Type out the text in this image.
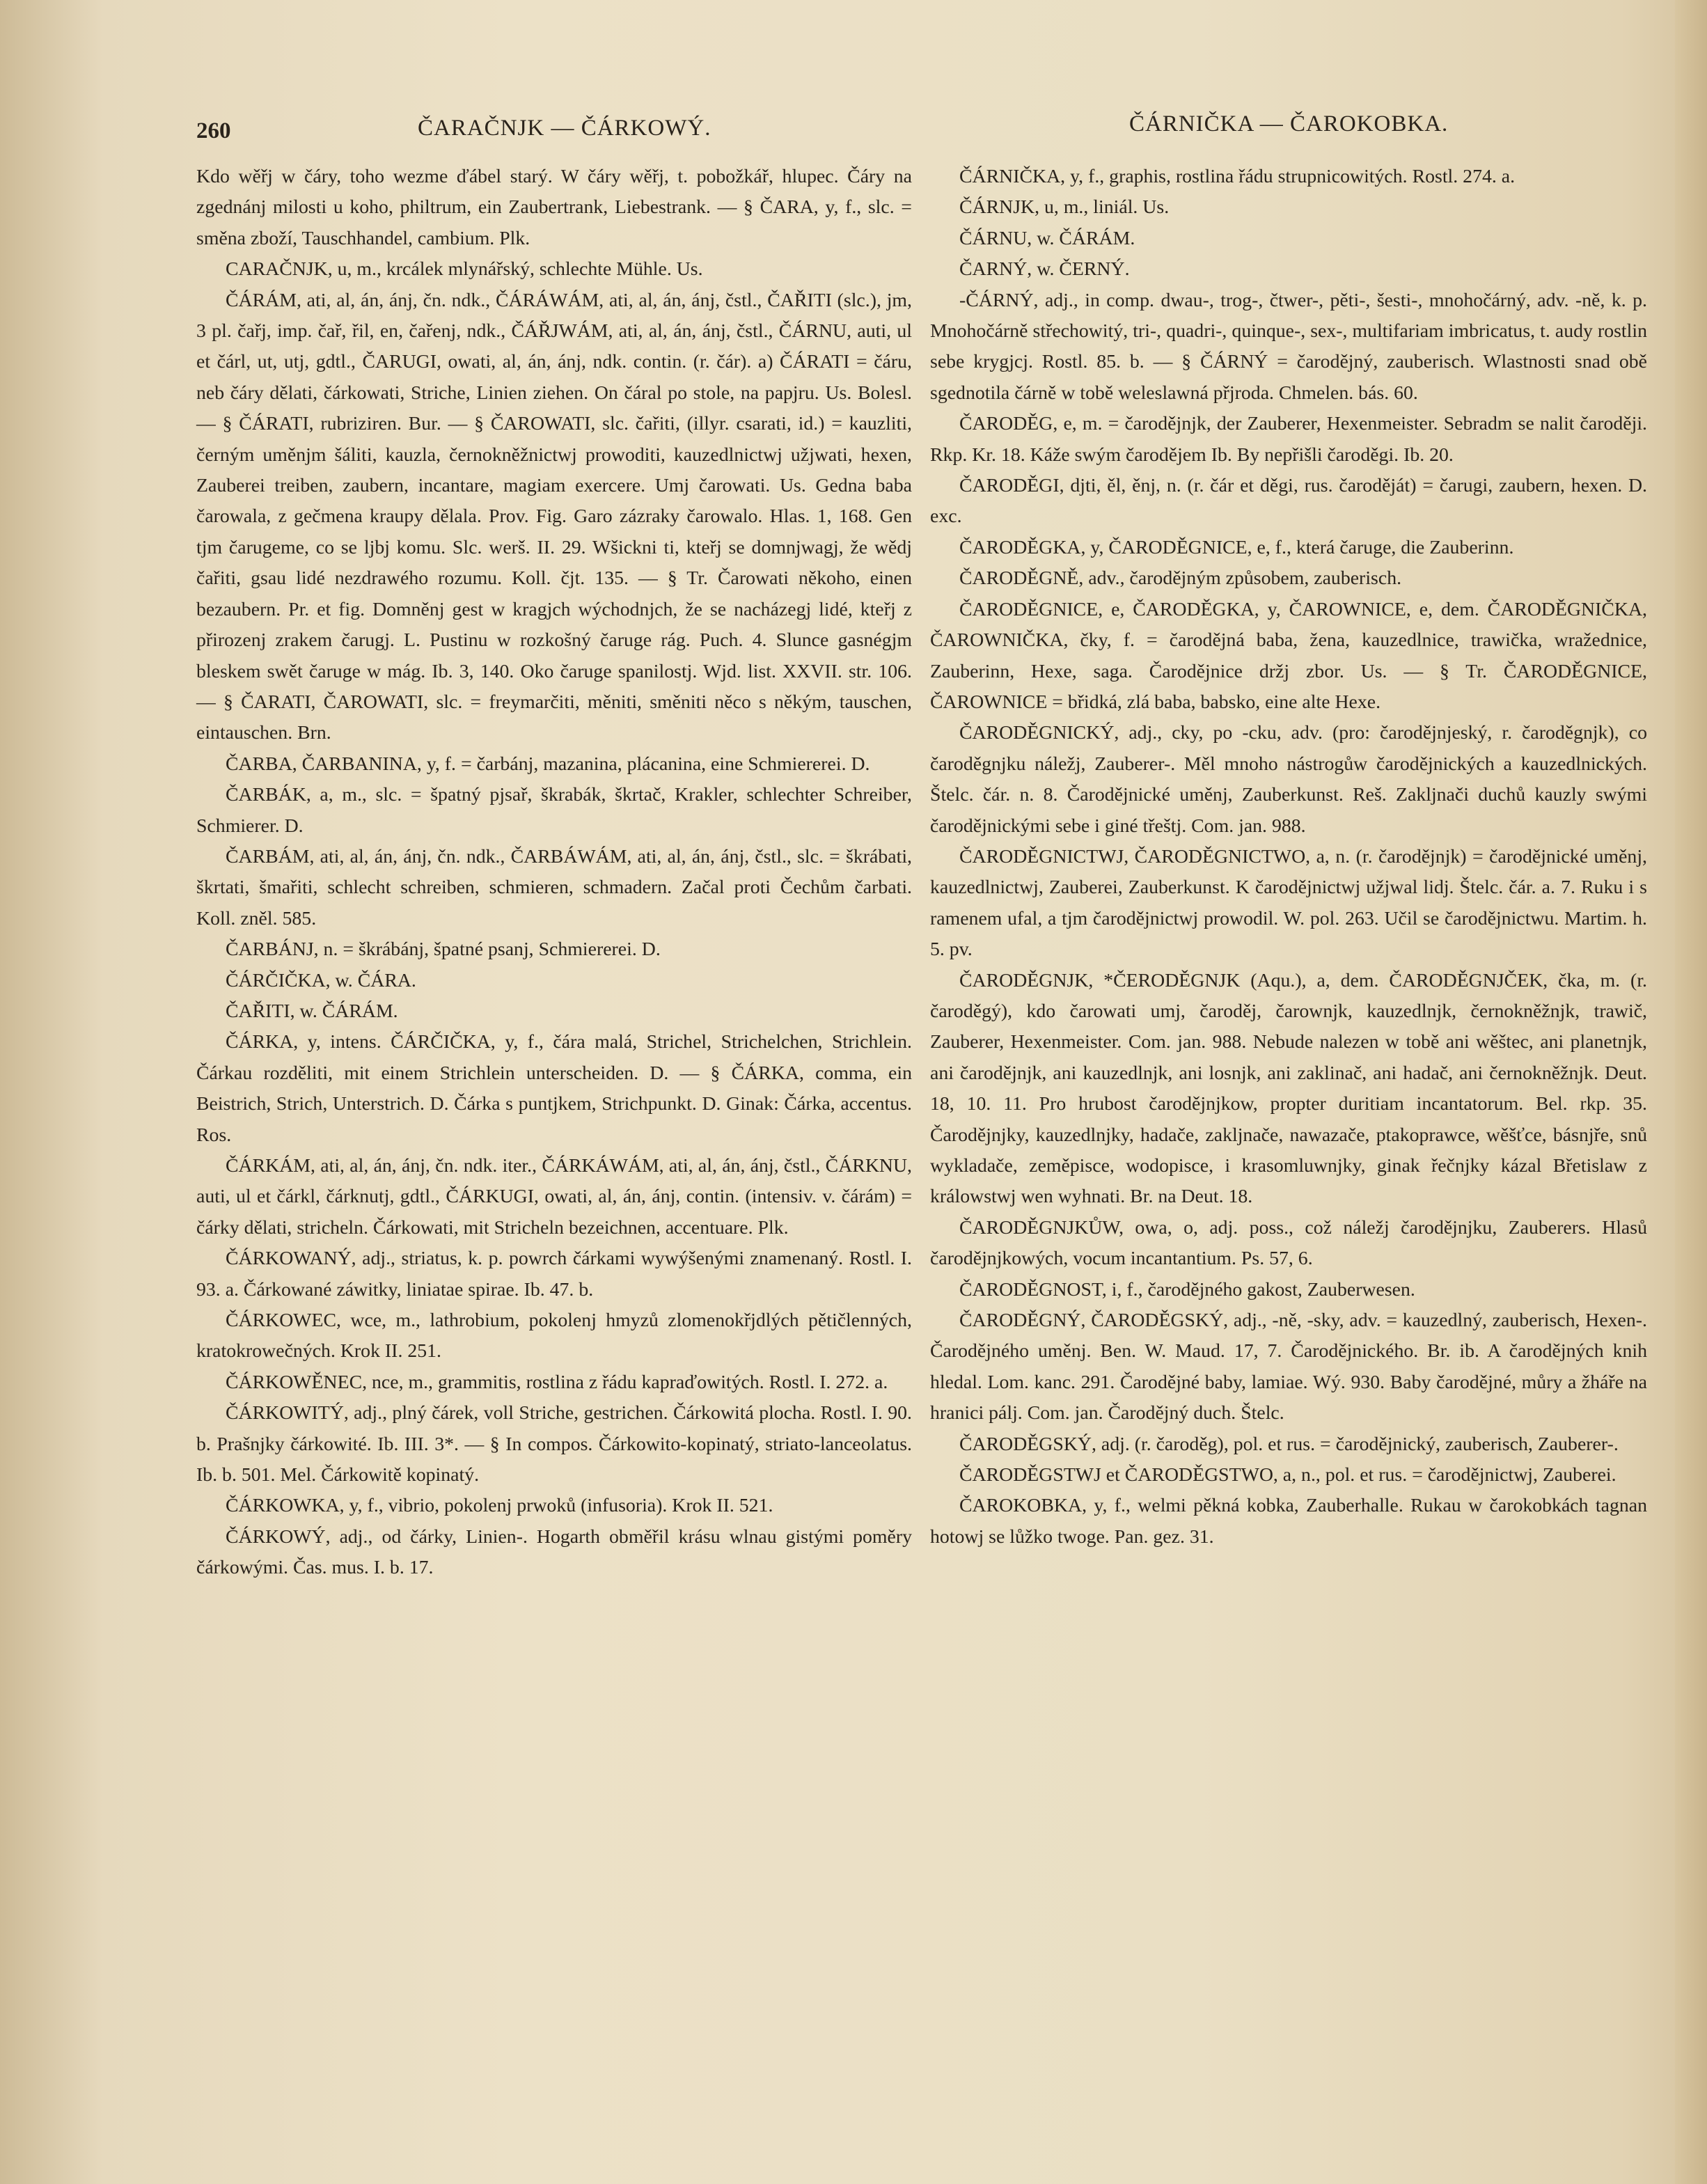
260	ČARAČNJK — ČÁRKOWÝ.	ČÁRNIČKA — ČAROKOBKA.

Kdo wěřj w čáry, toho wezme ďábel starý. W čáry wěřj, t. pobožkář, hlupec. Čáry na zgednánj milosti u koho, philtrum, ein Zaubertrank, Liebestrank. — § ČARA, y, f., slc. = směna zboží, Tauschhandel, cambium. Plk.

CARAČNJK, u, m., krcálek mlynářský, schlechte Mühle. Us.

ČÁRÁM, ati, al, án, ánj, čn. ndk., ČÁRÁWÁM, ati, al, án, ánj, čstl., ČAŘITI (slc.), jm, 3 pl. čařj, imp. čař, řil, en, čařenj, ndk., ČÁŘJWÁM, ati, al, án, ánj, čstl., ČÁRNU, auti, ul et čárl, ut, utj, gdtl., ČARUGI, owati, al, án, ánj, ndk. contin. (r. čár). a) ČÁRATI = čáru, neb čáry dělati, čárkowati, Striche, Linien ziehen. On čáral po stole, na papjru. Us. Bolesl. — § ČÁRATI, rubriziren. Bur. — § ČAROWATI, slc. čařiti, (illyr. csarati, id.) = kauzliti, černým uměnjm šáliti, kauzla, černokněžnictwj prowoditi, kauzedlnictwj užjwati, hexen, Zauberei treiben, zaubern, incantare, magiam exercere. Umj čarowati. Us. Gedna baba čarowala, z gečmena kraupy dělala. Prov. Fig. Garo zázraky čarowalo. Hlas. 1, 168. Gen tjm čarugeme, co se ljbj komu. Slc. werš. II. 29. Wšickni ti, kteřj se domnjwagj, že wědj čařiti, gsau lidé nezdrawého rozumu. Koll. čjt. 135. — § Tr. Čarowati někoho, einen bezaubern. Pr. et fig. Domněnj gest w kragjch wýchodnjch, že se nacházegj lidé, kteřj z přirozenj zrakem čarugj. L. Pustinu w rozkošný čaruge rág. Puch. 4. Slunce gasnégjm bleskem swět čaruge w mág. Ib. 3, 140. Oko čaruge spanilostj. Wjd. list. XXVII. str. 106. — § ČARATI, ČAROWATI, slc. = freymarčiti, měniti, směniti něco s někým, tauschen, eintauschen. Brn.

ČARBA, ČARBANINA, y, f. = čarbánj, mazanina, plácanina, eine Schmiererei. D.

ČARBÁK, a, m., slc. = špatný pjsař, škrabák, škrtač, Krakler, schlechter Schreiber, Schmierer. D.

ČARBÁM, ati, al, án, ánj, čn. ndk., ČARBÁWÁM, ati, al, án, ánj, čstl., slc. = škrábati, škrtati, šmařiti, schlecht schreiben, schmieren, schmadern. Začal proti Čechům čarbati. Koll. zněl. 585.

ČARBÁNJ, n. = škrábánj, špatné psanj, Schmiererei. D.

ČÁRČIČKA, w. ČÁRA.

ČAŘITI, w. ČÁRÁM.

ČÁRKA, y, intens. ČÁRČIČKA, y, f., čára malá, Strichel, Strichelchen, Strichlein. Čárkau rozděliti, mit einem Strichlein unterscheiden. D. — § ČÁRKA, comma, ein Beistrich, Strich, Unterstrich. D. Čárka s puntjkem, Strichpunkt. D. Ginak: Čárka, accentus. Ros.

ČÁRKÁM, ati, al, án, ánj, čn. ndk. iter., ČÁRKÁWÁM, ati, al, án, ánj, čstl., ČÁRKNU, auti, ul et čárkl, čárknutj, gdtl., ČÁRKUGI, owati, al, án, ánj, contin. (intensiv. v. čárám) = čárky dělati, stricheln. Čárkowati, mit Stricheln bezeichnen, accentuare. Plk.

ČÁRKOWANÝ, adj., striatus, k. p. powrch čárkami wywýšenými znamenaný. Rostl. I. 93. a. Čárkowané záwitky, liniatae spirae. Ib. 47. b.

ČÁRKOWEC, wce, m., lathrobium, pokolenj hmyzů zlomenokřjdlých pětičlenných, kratokrowečných. Krok II. 251.

ČÁRKOWĚNEC, nce, m., grammitis, rostlina z řádu kapraďowitých. Rostl. I. 272. a.

ČÁRKOWITÝ, adj., plný čárek, voll Striche, gestrichen. Čárkowitá plocha. Rostl. I. 90. b. Prašnjky čárkowité. Ib. III. 3*. — § In compos. Čárkowito-kopinatý, striato-lanceolatus. Ib. b. 501. Mel. Čárkowitě kopinatý.

ČÁRKOWKA, y, f., vibrio, pokolenj prwoků (infusoria). Krok II. 521.

ČÁRKOWÝ, adj., od čárky, Linien-. Hogarth obměřil krásu wlnau gistými poměry čárkowými. Čas. mus. I. b. 17.

ČÁRNIČKA, y, f., graphis, rostlina řádu strupnicowitých. Rostl. 274. a.

ČÁRNJK, u, m., liniál. Us.

ČÁRNU, w. ČÁRÁM.

ČARNÝ, w. ČERNÝ.

-ČÁRNÝ, adj., in comp. dwau-, trog-, čtwer-, pěti-, šesti-, mnohočárný, adv. -ně, k. p. Mnohočárně střechowitý, tri-, quadri-, quinque-, sex-, multifariam imbricatus, t. audy rostlin sebe krygjcj. Rostl. 85. b. — § ČÁRNÝ = čarodějný, zauberisch. Wlastnosti snad obě sgednotila čárně w tobě weleslawná přjroda. Chmelen. bás. 60.

ČARODĚG, e, m. = čarodějnjk, der Zauberer, Hexenmeister. Sebradm se nalit čaroději. Rkp. Kr. 18. Káže swým čarodějem Ib. By nepřišli čaroděgi. Ib. 20.

ČARODĚGI, djti, ěl, ěnj, n. (r. čár et děgi, rus. čaroděját) = čarugi, zaubern, hexen. D. exc.

ČARODĚGKA, y, ČARODĚGNICE, e, f., která čaruge, die Zauberinn.

ČARODĚGNĚ, adv., čarodějným způsobem, zauberisch.

ČARODĚGNICE, e, ČARODĚGKA, y, ČAROWNICE, e, dem. ČARODĚGNIČKA, ČAROWNIČKA, čky, f. = čarodějná baba, žena, kauzedlnice, trawička, wražednice, Zauberinn, Hexe, saga. Čarodějnice držj zbor. Us. — § Tr. ČARODĚGNICE, ČAROWNICE = břidká, zlá baba, babsko, eine alte Hexe.

ČARODĚGNICKÝ, adj., cky, po -cku, adv. (pro: čarodějnjeský, r. čaroděgnjk), co čaroděgnjku náležj, Zauberer-. Měl mnoho nástrogůw čarodějnických a kauzedlnických. Štelc. čár. n. 8. Čarodějnické uměnj, Zauberkunst. Reš. Zaklјnači duchů kauzly swými čarodějnickými sebe i giné třeštj. Com. jan. 988.

ČARODĚGNICTWJ, ČARODĚGNICTWO, a, n. (r. čarodějnjk) = čarodějnické uměnj, kauzedlnictwj, Zauberei, Zauberkunst. K čarodějnictwj užjwal lidj. Štelc. čár. a. 7. Ruku i s ramenem ufal, a tjm čarodějnictwj prowodil. W. pol. 263. Učil se čarodějnictwu. Martim. h. 5. pv.

ČARODĚGNJK, *ČERODĚGNJK (Aqu.), a, dem. ČARODĚGNJČEK, čka, m. (r. čaroděgý), kdo čarowati umj, čaroděj, čarownjk, kauzedlnjk, černokněžnjk, trawič, Zauberer, Hexenmeister. Com. jan. 988. Nebude nalezen w tobě ani wěštec, ani planetnjk, ani čarodějnjk, ani kauzedlnjk, ani losnjk, ani zaklinač, ani hadač, ani černokněžnjk. Deut. 18, 10. 11. Pro hrubost čarodějnjkow, propter duritiam incantatorum. Bel. rkp. 35. Čarodějnjky, kauzedlnjky, hadače, zaklјnače, nawazače, ptakoprawce, wěšťce, básnjře, snů wykladače, zeměpisce, wodopisce, i krasomluwnjky, ginak řečnjky kázal Břetislaw z králowstwj wen wyhnati. Br. na Deut. 18.

ČARODĚGNJKŮW, owa, o, adj. poss., což náležj čarodějnjku, Zauberers. Hlasů čarodějnjkowých, vocum incantantium. Ps. 57, 6.

ČARODĚGNOST, i, f., čarodějného gakost, Zauberwesen.

ČARODĚGNÝ, ČARODĚGSKÝ, adj., -ně, -sky, adv. = kauzedlný, zauberisch, Hexen-. Čarodějného uměnj. Ben. W. Maud. 17, 7. Čarodějnického. Br. ib. A čarodějných knih hledal. Lom. kanc. 291. Čarodějné baby, lamiae. Wý. 930. Baby čarodějné, můry a žháře na hranici pálj. Com. jan. Čarodějný duch. Štelc.

ČARODĚGSKÝ, adj. (r. čaroděg), pol. et rus. = čarodějnický, zauberisch, Zauberer-.

ČARODĚGSTWJ et ČARODĚGSTWO, a, n., pol. et rus. = čarodějnictwj, Zauberei.

ČAROKOBKA, y, f., welmi pěkná kobka, Zauberhalle. Rukau w čarokobkách tagnan hotowj se lůžko twoge. Pan. gez. 31.
